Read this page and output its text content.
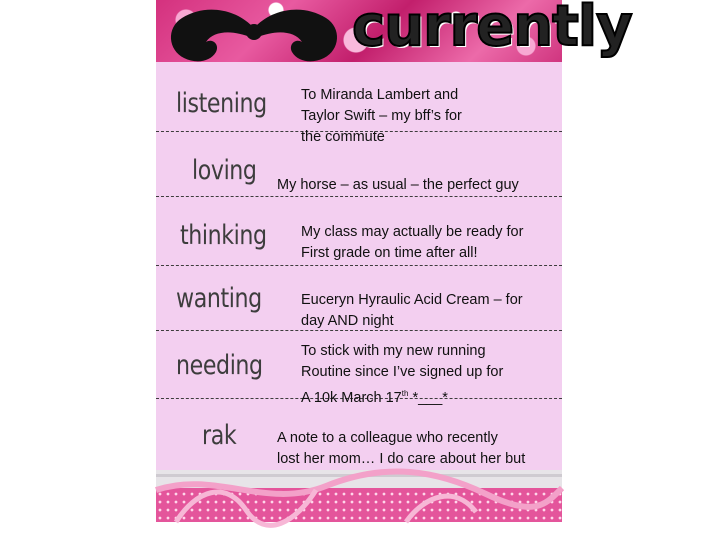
currently
listening To Miranda Lambert and
Taylor Swift – my bff’s for
the commute
loving My horse – as usual – the perfect guy
thinking My class may actually be ready for
First grade on time after all!
wanting	Euceryn Hyraulic Acid Cream – for
day AND night
needing	To stick with my new running
Routine since I’ve signed up for
A 10k March 17th *___*
rak	A note to a colleague who recently
lost her mom… I do care about her but
